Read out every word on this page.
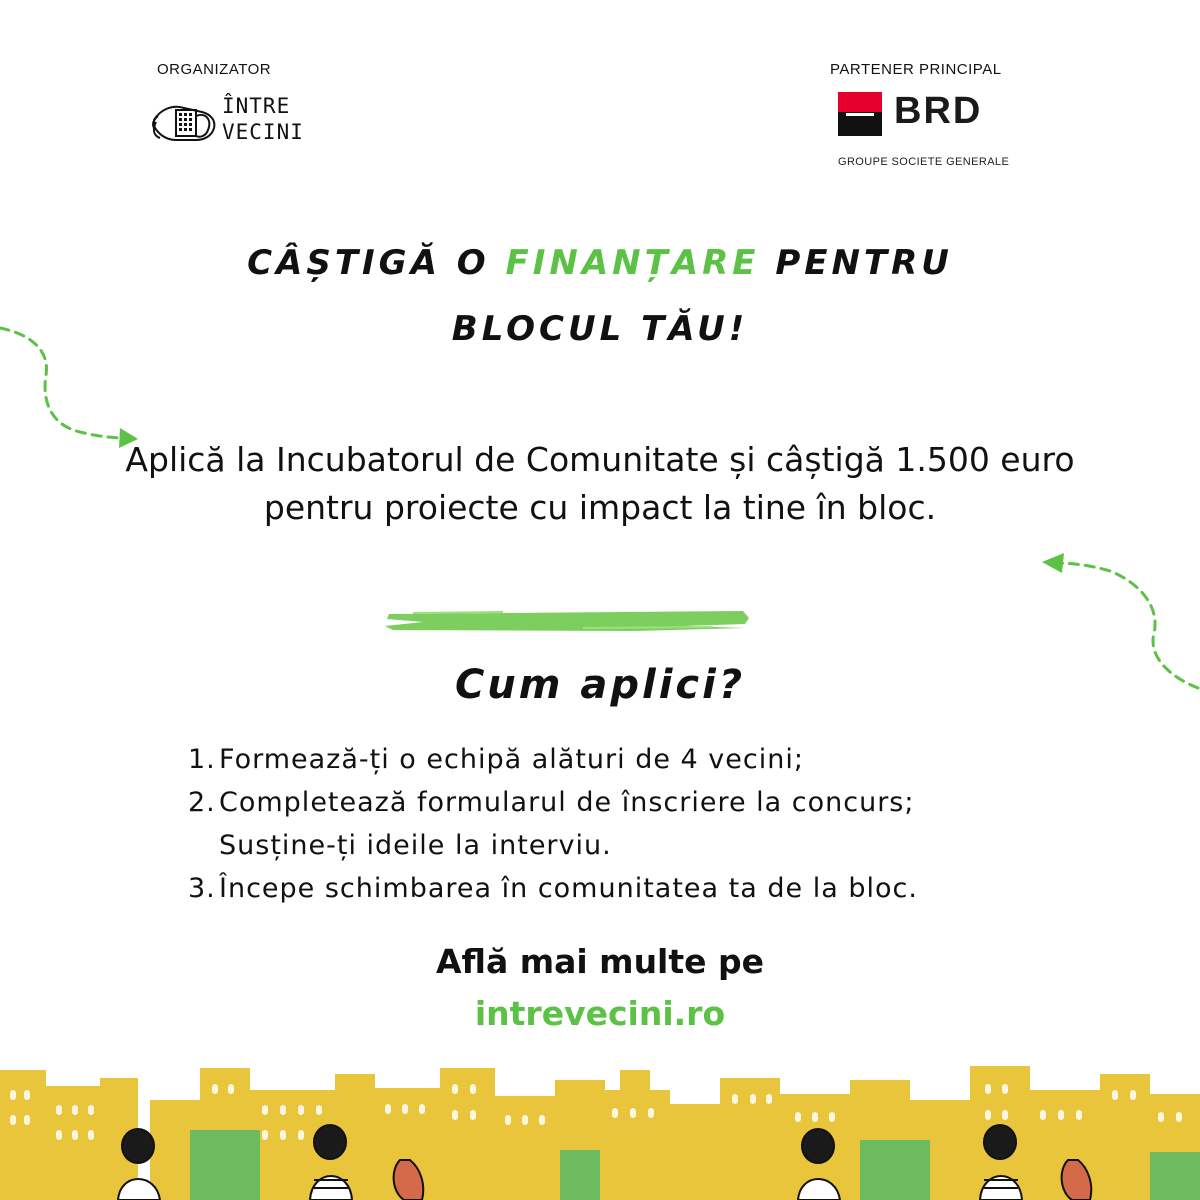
ORGANIZATOR
ÎNTRE
VECINI
PARTENER PRINCIPAL
BRD
GROUPE SOCIETE GENERALE
CÂȘTIGĂ O FINANȚARE PENTRU
BLOCUL TĂU!
Aplică la Incubatorul de Comunitate și câștigă 1.500 euro pentru proiecte cu impact la tine în bloc.
Cum aplici?
1. Formează-ți o echipă alături de 4 vecini;
2. Completează formularul de înscriere la concurs;
Susține-ți ideile la interviu.
3. Începe schimbarea în comunitatea ta de la bloc.
Află mai multe pe
intrevecini.ro
